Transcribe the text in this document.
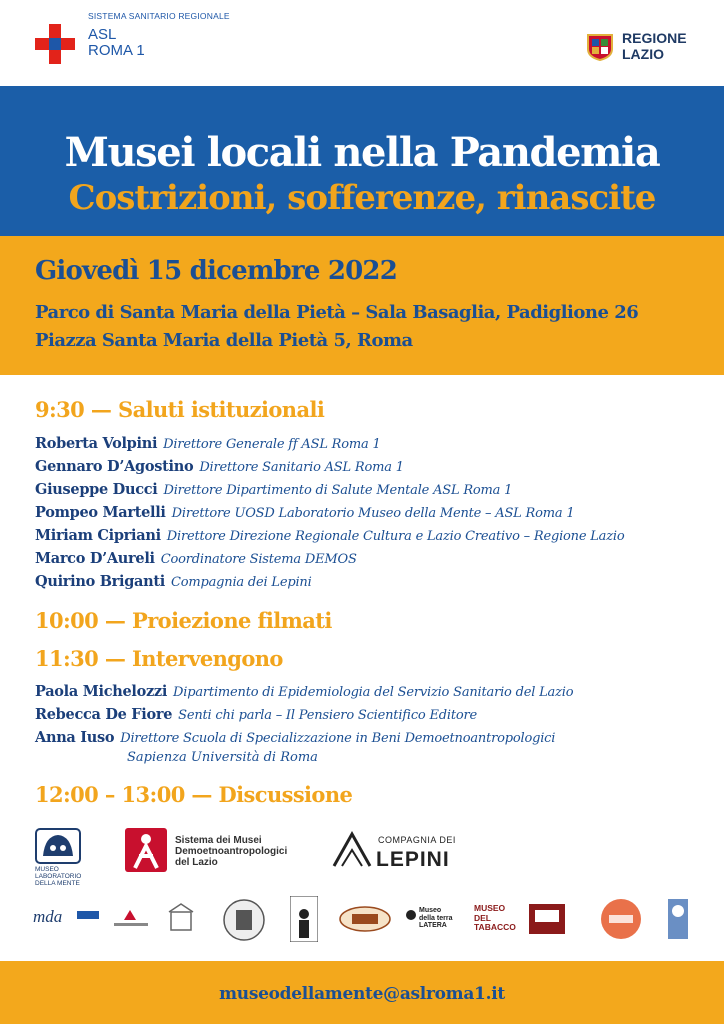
SISTEMA SANITARIO REGIONALE
ASL
ROMA 1
REGIONE
LAZIO
Musei locali nella Pandemia
Costrizioni, sofferenze, rinascite
Giovedì 15 dicembre 2022
Parco di Santa Maria della Pietà – Sala Basaglia, Padiglione 26
Piazza Santa Maria della Pietà 5, Roma
9:30 — Saluti istituzionali
Roberta Volpini Direttore Generale ff ASL Roma 1
Gennaro D’Agostino Direttore Sanitario ASL Roma 1
Giuseppe Ducci Direttore Dipartimento di Salute Mentale ASL Roma 1
Pompeo Martelli Direttore UOSD Laboratorio Museo della Mente – ASL Roma 1
Miriam Cipriani Direttore Direzione Regionale Cultura e Lazio Creativo – Regione Lazio
Marco D’Aureli Coordinatore Sistema DEMOS
Quirino Briganti Compagnia dei Lepini
10:00 — Proiezione filmati
11:30 — Intervengono
Paola Michelozzi Dipartimento di Epidemiologia del Servizio Sanitario del Lazio
Rebecca De Fiore Senti chi parla – Il Pensiero Scientifico Editore
Anna Iuso Direttore Scuola di Specializzazione in Beni Demoetnoantropologici
Sapienza Università di Roma
12:00 – 13:00 — Discussione
MUSEO
LABORATORIO
DELLA MENTE
Sistema dei Musei
Demoetnoantropologici
del Lazio
COMPAGNIA DEI
LEPINI
mda	Museo
della terra
LATERA
MUSEO
DEL
TABACCO
museodellamente@aslroma1.it
